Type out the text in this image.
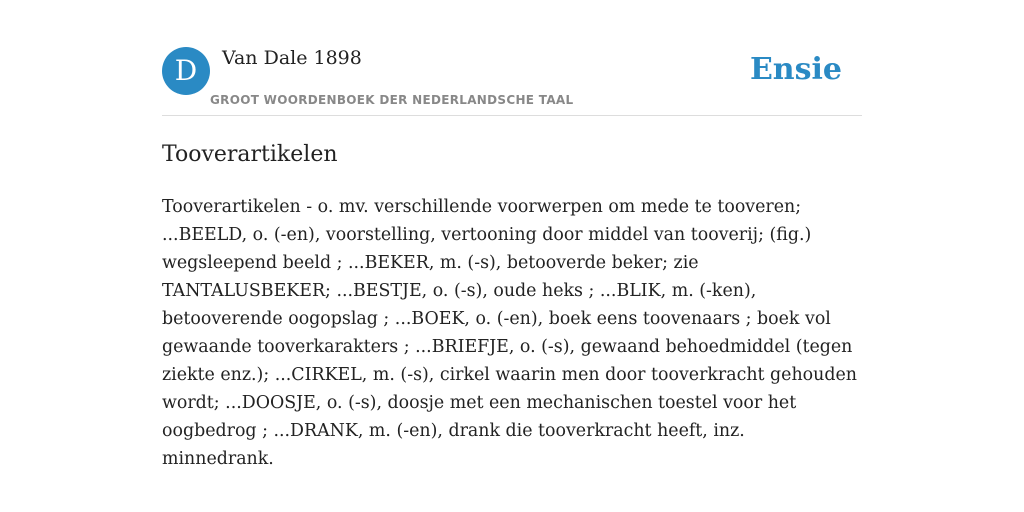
D	Van Dale 1898
GROOT WOORDENBOEK DER NEDERLANDSCHE TAAL
Ensie
Tooverartikelen

Tooverartikelen - o. mv. verschillende voorwerpen om mede te tooveren; ...BEELD, o. (-en), voorstelling, vertooning door middel van tooverij; (fig.) wegsleepend beeld ; ...BEKER, m. (-s), betooverde beker; zie TANTALUSBEKER; ...BESTJE, o. (-s), oude heks ; ...BLIK, m. (-ken), betooverende oogopslag ; ...BOEK, o. (-en), boek eens toovenaars ; boek vol gewaande tooverkarakters ; ...BRIEFJE, o. (-s), gewaand behoedmiddel (tegen ziekte enz.); ...CIRKEL, m. (-s), cirkel waarin men door tooverkracht gehouden wordt; ...DOOSJE, o. (-s), doosje met een mechanischen toestel voor het oogbedrog ; ...DRANK, m. (-en), drank die tooverkracht heeft, inz. minnedrank.
